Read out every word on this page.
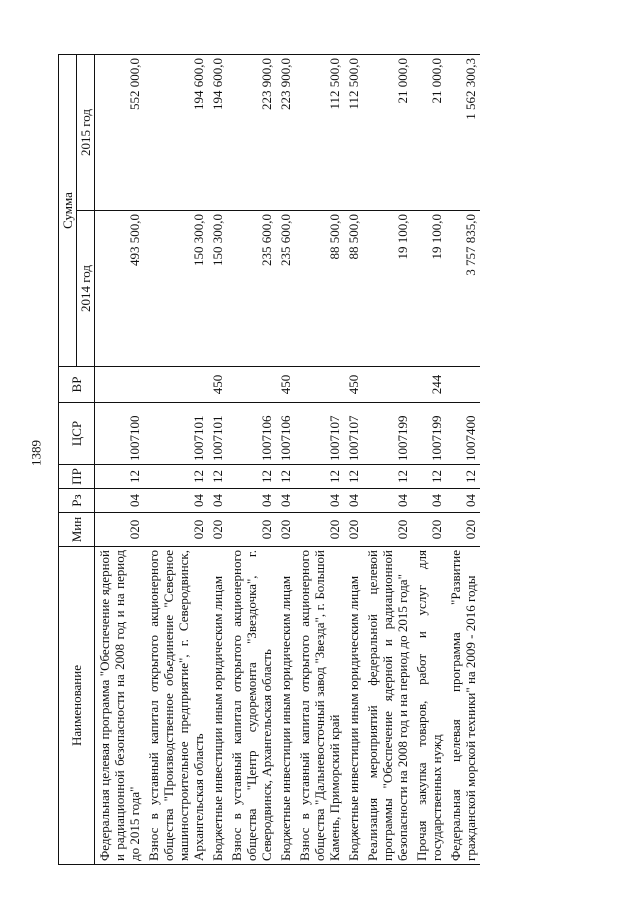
1389
Наименование	Мин	Рз	ПР	ЦСР	ВР	Сумма	
						2014 год	2015 год
Федеральная целевая программа "Обеспечение ядерной и радиационной безопасности на 2008 год и на период до 2015 года"	020	04	12	1007100		493 500,0	552 000,0
Взнос в уставный капитал открытого акционерного общества "Производственное объединение "Северное машиностроительное предприятие", г. Северодвинск, Архангельская область	020	04	12	1007101		150 300,0	194 600,0
Бюджетные инвестиции иным юридическим лицам	020	04	12	1007101	450	150 300,0	194 600,0
Взнос в уставный капитал открытого акционерного общества "Центр судоремонта "Звездочка", г. Северодвинск, Архангельская область	020	04	12	1007106		235 600,0	223 900,0
Бюджетные инвестиции иным юридическим лицам	020	04	12	1007106	450	235 600,0	223 900,0
Взнос в уставный капитал открытого акционерного общества "Дальневосточный завод "Звезда", г. Большой Камень, Приморский край	020	04	12	1007107		88 500,0	112 500,0
Бюджетные инвестиции иным юридическим лицам	020	04	12	1007107	450	88 500,0	112 500,0
Реализация мероприятий федеральной целевой программы "Обеспечение ядерной и радиационной безопасности на 2008 год и на период до 2015 года"	020	04	12	1007199		19 100,0	21 000,0
Прочая закупка товаров, работ и услуг для государственных нужд	020	04	12	1007199	244	19 100,0	21 000,0
Федеральная целевая программа "Развитие гражданской морской техники" на 2009 - 2016 годы	020	04	12	1007400		3 757 835,0	1 562 300,3
